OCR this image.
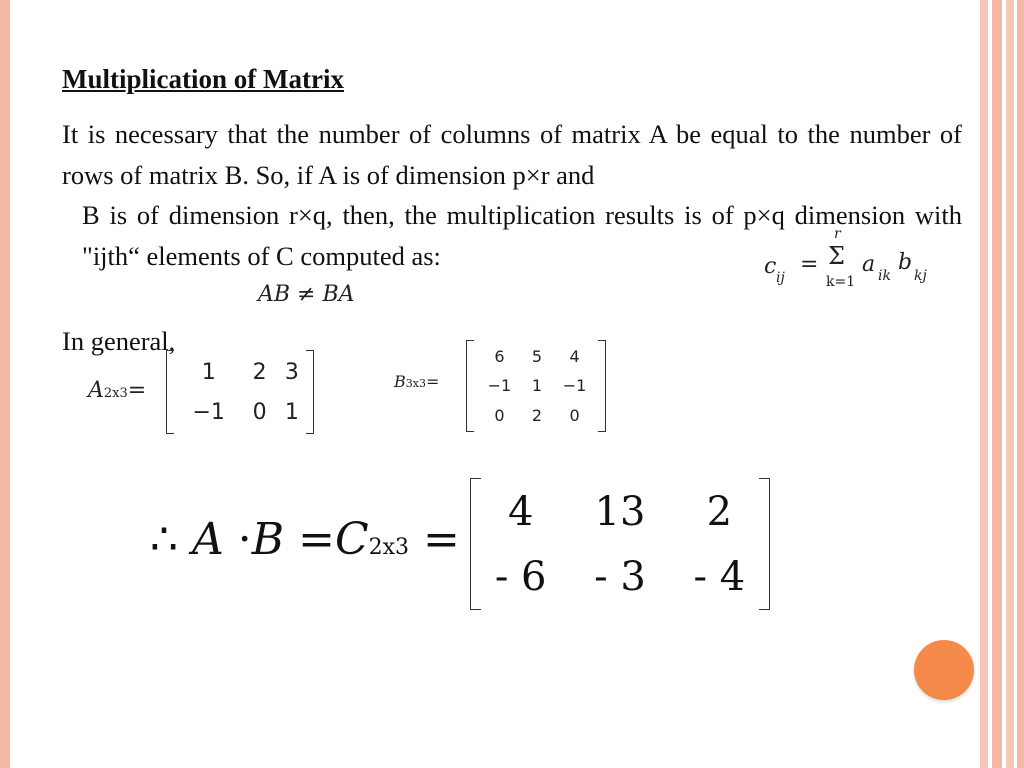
Multiplication of Matrix

It is necessary that the number of columns of matrix A be equal to the number of rows of matrix B. So, if A is of dimension p×r and

B is of dimension r×q, then, the multiplication results is of p×q dimension with "ijth“ elements of C computed as:	c ij
=
r
Σ
k=1
a ik
b
kj
AB ≠ BA
In general,
A2x3=
1	2	3
−1	0	1
B3x3=
6	5	4
−1	1	−1
0	2	0
∴ A ·B =C2x3 =
4	13	2
- 6	- 3	- 4
